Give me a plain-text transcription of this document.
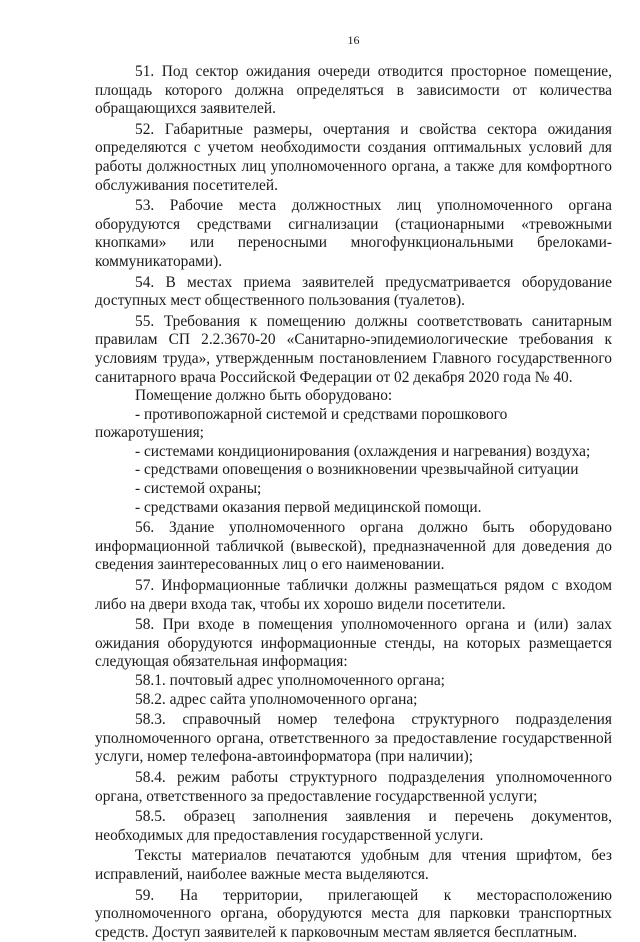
16

51. Под сектор ожидания очереди отводится просторное помещение, площадь которого должна определяться в зависимости от количества обращающихся заявителей.

52. Габаритные размеры, очертания и свойства сектора ожидания определяются с учетом необходимости создания оптимальных условий для работы должностных лиц уполномоченного органа, а также для комфортного обслуживания посетителей.

53. Рабочие места должностных лиц уполномоченного органа оборудуются средствами сигнализации (стационарными «тревожными кнопками» или переносными многофункциональными брелоками-коммуникаторами).

54. В местах приема заявителей предусматривается оборудование доступных мест общественного пользования (туалетов).

55. Требования к помещению должны соответствовать санитарным правилам СП 2.2.3670-20 «Санитарно-эпидемиологические требования к условиям труда», утвержденным постановлением Главного государственного санитарного врача Российской Федерации от 02 декабря 2020 года № 40.

Помещение должно быть оборудовано:

- противопожарной системой и средствами порошкового пожаротушения;

- системами кондиционирования (охлаждения и нагревания) воздуха;

- средствами оповещения о возникновении чрезвычайной ситуации

- системой охраны;

- средствами оказания первой медицинской помощи.

56. Здание уполномоченного органа должно быть оборудовано информационной табличкой (вывеской), предназначенной для доведения до сведения заинтересованных лиц о его наименовании.

57. Информационные таблички должны размещаться рядом с входом либо на двери входа так, чтобы их хорошо видели посетители.

58. При входе в помещения уполномоченного органа и (или) залах ожидания оборудуются информационные стенды, на которых размещается следующая обязательная информация:

58.1. почтовый адрес уполномоченного органа;

58.2. адрес сайта уполномоченного органа;

58.3. справочный номер телефона структурного подразделения уполномоченного органа, ответственного за предоставление государственной услуги, номер телефона-автоинформатора (при наличии);

58.4. режим работы структурного подразделения уполномоченного органа, ответственного за предоставление государственной услуги;

58.5. образец заполнения заявления и перечень документов, необходимых для предоставления государственной услуги.

Тексты материалов печатаются удобным для чтения шрифтом, без исправлений, наиболее важные места выделяются.

59. На территории, прилегающей к месторасположению уполномоченного органа, оборудуются места для парковки транспортных средств. Доступ заявителей к парковочным местам является бесплатным.
